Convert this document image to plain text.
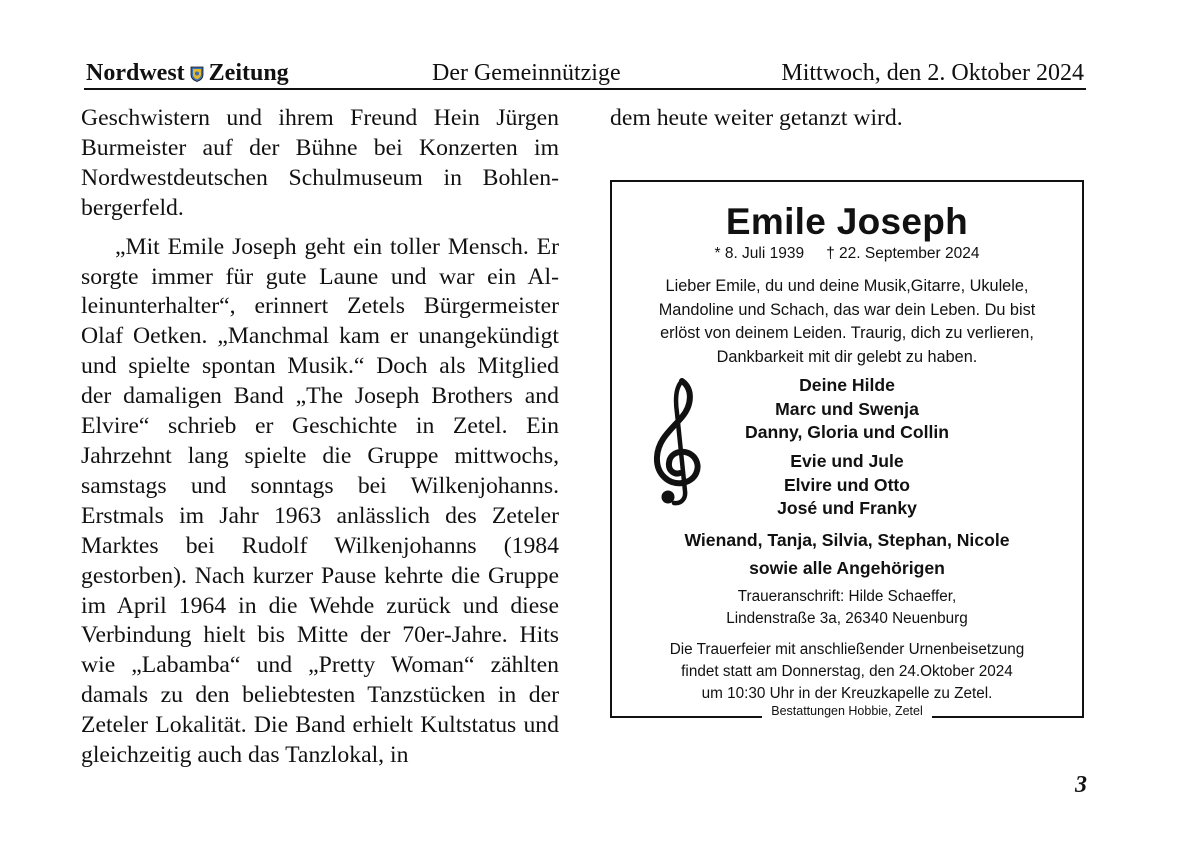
Nordwest Zeitung	Der Gemeinnützige	Mittwoch, den 2. Oktober 2024

Geschwistern und ihrem Freund Hein Jürgen Burmeister auf der Bühne bei Konzerten im Nordwestdeutschen Schulmuseum in Bohlenbergerfeld.

„Mit Emile Joseph geht ein toller Mensch. Er sorgte immer für gute Laune und war ein Alleinunterhalter“, erinnert Zetels Bürgermeister Olaf Oetken. „Manchmal kam er unangekündigt und spielte spontan Musik.“ Doch als Mitglied der damaligen Band „The Joseph Brothers and Elvire“ schrieb er Geschichte in Zetel. Ein Jahrzehnt lang spielte die Gruppe mittwochs, samstags und sonntags bei Wilkenjohanns. Erstmals im Jahr 1963 anlässlich des Zeteler Marktes bei Rudolf Wilkenjohanns (1984 gestorben). Nach kurzer Pause kehrte die Gruppe im April 1964 in die Wehde zurück und diese Verbindung hielt bis Mitte der 70er-Jahre. Hits wie „Labamba“ und „Pretty Woman“ zählten damals zu den beliebtesten Tanzstücken in der Zeteler Lokalität. Die Band erhielt Kultstatus und gleichzeitig auch das Tanzlokal, in

dem heute weiter getanzt wird.

Emile Joseph
* 8. Juli 1939 † 22. September 2024
Lieber Emile, du und deine Musik,Gitarre, Ukulele,
Mandoline und Schach, das war dein Leben. Du bist
erlöst von deinem Leiden. Traurig, dich zu verlieren,
Dankbarkeit mit dir gelebt zu haben.
Deine Hilde
Marc und Swenja
Danny, Gloria und Collin
Evie und Jule
Elvire und Otto
José und Franky
Wienand, Tanja, Silvia, Stephan, Nicole
sowie alle Angehörigen
Traueranschrift: Hilde Schaeffer,
Lindenstraße 3a, 26340 Neuenburg
Die Trauerfeier mit anschließender Urnenbeisetzung
findet statt am Donnerstag, den 24.Oktober 2024
um 10:30 Uhr in der Kreuzkapelle zu Zetel.
Bestattungen Hobbie, Zetel
3
